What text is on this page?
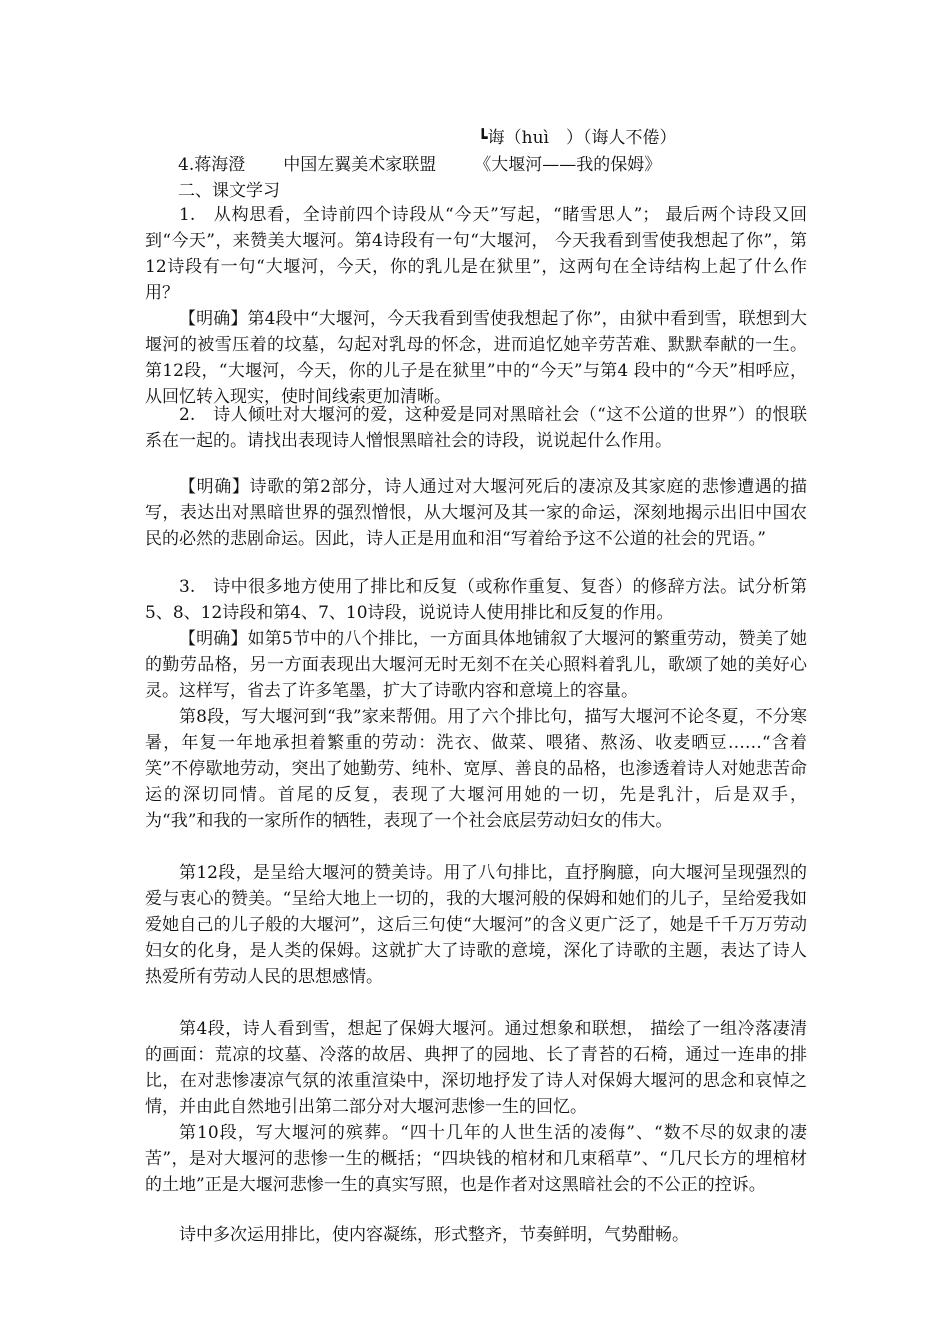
┗诲（huì　）（诲人不倦）
4.蒋海澄 中国左翼美术家联盟 《大堰河——我的保姆》
二、课文学习

1.　从构思看，全诗前四个诗段从“今天”写起，“睹雪思人”； 最后两个诗段又回到“今天”，来赞美大堰河。第4诗段有一句“大堰河， 今天我看到雪使我想起了你”，第12诗段有一句“大堰河，今天，你的乳儿是在狱里”，这两句在全诗结构上起了什么作用？

【明确】第4段中“大堰河，今天我看到雪使我想起了你”，由狱中看到雪，联想到大堰河的被雪压着的坟墓，勾起对乳母的怀念，进而追忆她辛劳苦难、默默奉献的一生。第12段，“大堰河，今天，你的儿子是在狱里”中的“今天”与第4 段中的“今天”相呼应，从回忆转入现实，使时间线索更加清晰。

2.　诗人倾吐对大堰河的爱，这种爱是同对黑暗社会（“这不公道的世界”）的恨联系在一起的。请找出表现诗人憎恨黑暗社会的诗段，说说起什么作用。

【明确】诗歌的第2部分，诗人通过对大堰河死后的凄凉及其家庭的悲惨遭遇的描写，表达出对黑暗世界的强烈憎恨，从大堰河及其一家的命运，深刻地揭示出旧中国农民的必然的悲剧命运。因此，诗人正是用血和泪“写着给予这不公道的社会的咒语。”

3.　诗中很多地方使用了排比和反复（或称作重复、复沓）的修辞方法。试分析第5、8、12诗段和第4、7、10诗段，说说诗人使用排比和反复的作用。

【明确】如第5节中的八个排比，一方面具体地铺叙了大堰河的繁重劳动，赞美了她的勤劳品格，另一方面表现出大堰河无时无刻不在关心照料着乳儿，歌颂了她的美好心灵。这样写，省去了许多笔墨，扩大了诗歌内容和意境上的容量。

第8段，写大堰河到“我”家来帮佣。用了六个排比句，描写大堰河不论冬夏，不分寒暑，年复一年地承担着繁重的劳动：洗衣、做菜、喂猪、熬汤、收麦晒豆……“含着笑”不停歇地劳动，突出了她勤劳、纯朴、宽厚、善良的品格，也渗透着诗人对她悲苦命运的深切同情。首尾的反复，表现了大堰河用她的一切，先是乳汁，后是双手，为“我”和我的一家所作的牺牲，表现了一个社会底层劳动妇女的伟大。

第12段，是呈给大堰河的赞美诗。用了八句排比，直抒胸臆，向大堰河呈现强烈的爱与衷心的赞美。“呈给大地上一切的，我的大堰河般的保姆和她们的儿子，呈给爱我如爱她自己的儿子般的大堰河”，这后三句使“大堰河”的含义更广泛了，她是千千万万劳动妇女的化身，是人类的保姆。这就扩大了诗歌的意境，深化了诗歌的主题，表达了诗人热爱所有劳动人民的思想感情。

第4段，诗人看到雪，想起了保姆大堰河。通过想象和联想， 描绘了一组冷落凄清的画面：荒凉的坟墓、冷落的故居、典押了的园地、长了青苔的石椅，通过一连串的排比，在对悲惨凄凉气氛的浓重渲染中，深切地抒发了诗人对保姆大堰河的思念和哀悼之情，并由此自然地引出第二部分对大堰河悲惨一生的回忆。

第10段，写大堰河的殡葬。“四十几年的人世生活的凌侮”、“数不尽的奴隶的凄苦”，是对大堰河的悲惨一生的概括；“四块钱的棺材和几束稻草”、“几尺长方的埋棺材的土地”正是大堰河悲惨一生的真实写照，也是作者对这黑暗社会的不公正的控诉。

诗中多次运用排比，使内容凝练，形式整齐，节奏鲜明，气势酣畅。
